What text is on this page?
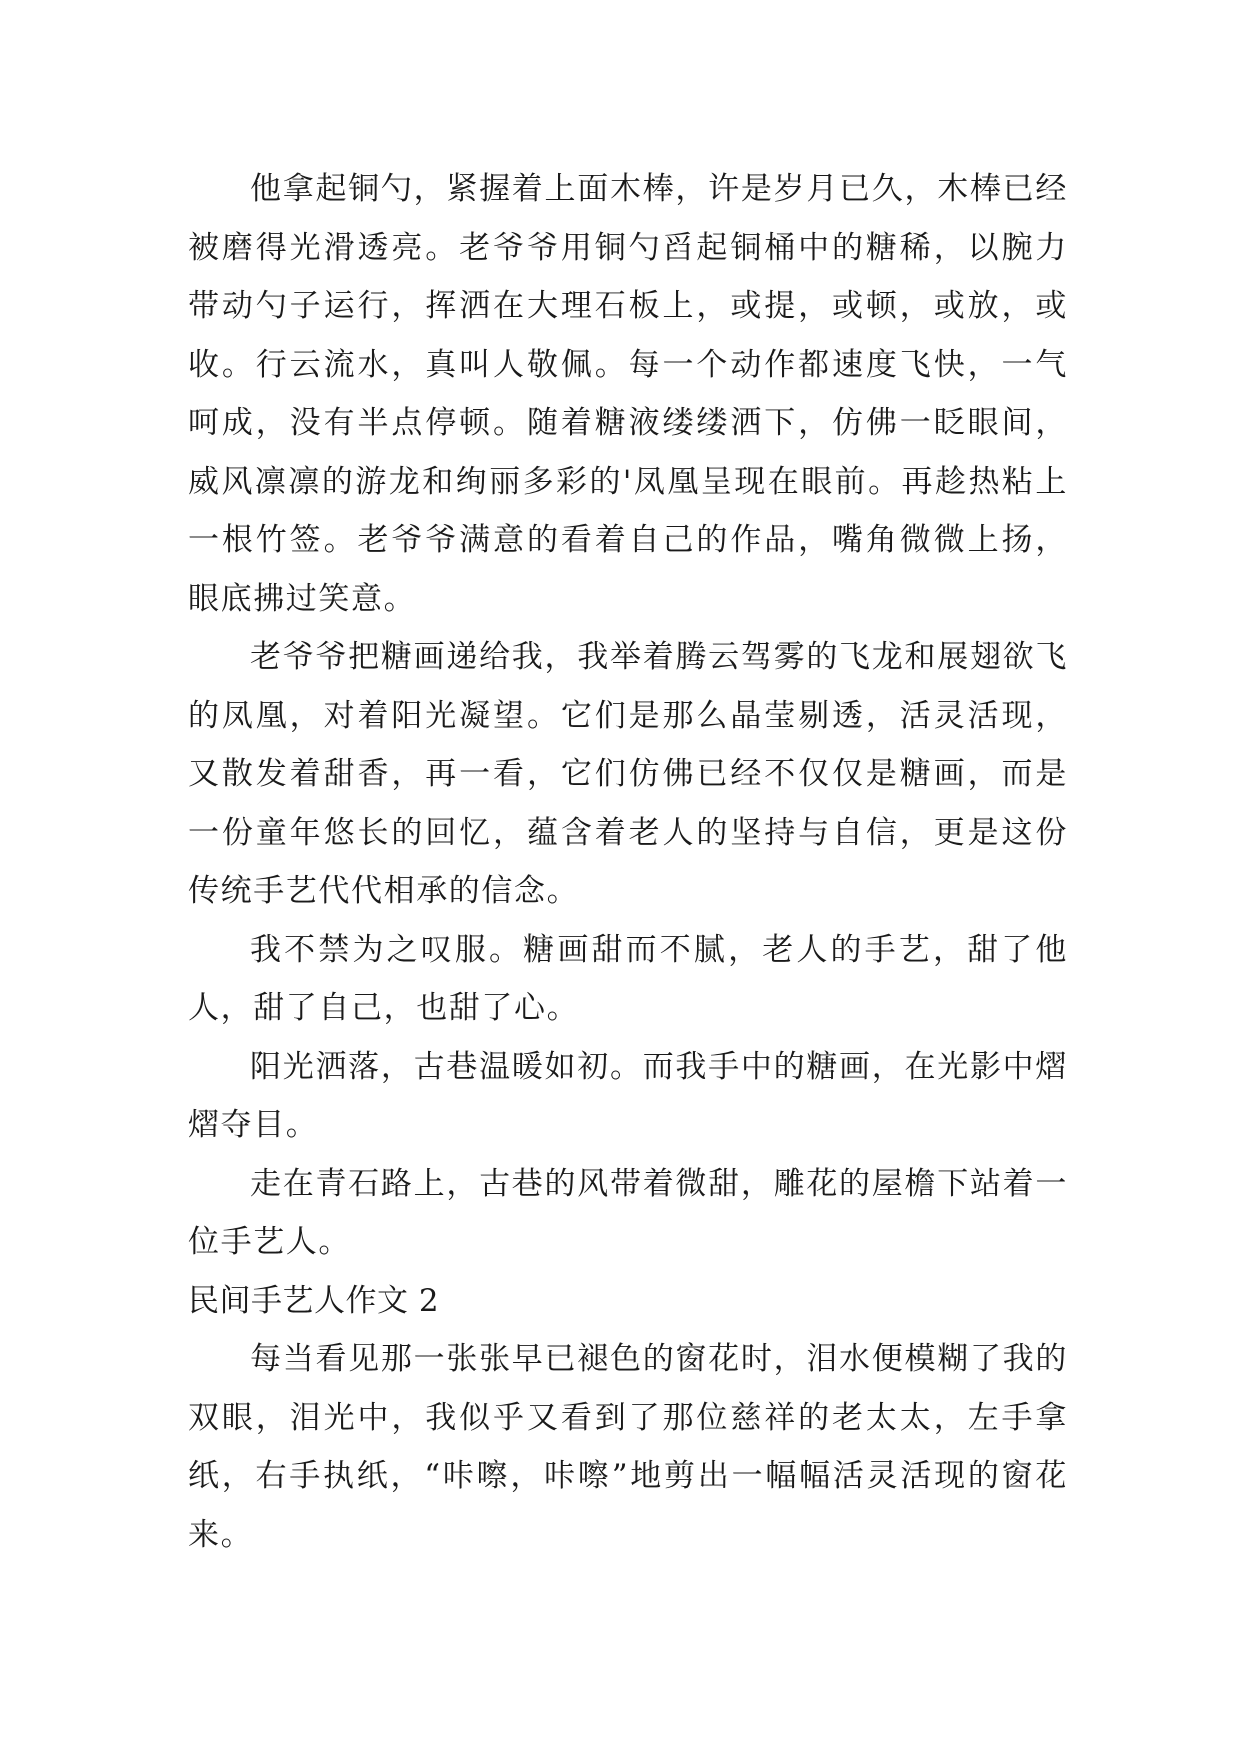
他拿起铜勺，紧握着上面木棒，许是岁月已久，木棒已经被磨得光滑透亮。老爷爷用铜勺舀起铜桶中的糖稀，以腕力带动勺子运行，挥洒在大理石板上，或提，或顿，或放，或收。行云流水，真叫人敬佩。每一个动作都速度飞快，一气呵成，没有半点停顿。随着糖液缕缕洒下，仿佛一眨眼间，威风凛凛的游龙和绚丽多彩的'凤凰呈现在眼前。再趁热粘上一根竹签。老爷爷满意的看着自己的作品，嘴角微微上扬，眼底拂过笑意。

老爷爷把糖画递给我，我举着腾云驾雾的飞龙和展翅欲飞的凤凰，对着阳光凝望。它们是那么晶莹剔透，活灵活现，又散发着甜香，再一看，它们仿佛已经不仅仅是糖画，而是一份童年悠长的回忆，蕴含着老人的坚持与自信，更是这份传统手艺代代相承的信念。

我不禁为之叹服。糖画甜而不腻，老人的手艺，甜了他人，甜了自己，也甜了心。

阳光洒落，古巷温暖如初。而我手中的糖画，在光影中熠熠夺目。

走在青石路上，古巷的风带着微甜，雕花的屋檐下站着一位手艺人。

民间手艺人作文 2

每当看见那一张张早已褪色的窗花时，泪水便模糊了我的双眼，泪光中，我似乎又看到了那位慈祥的老太太，左手拿纸，右手执纸，“咔嚓，咔嚓”地剪出一幅幅活灵活现的窗花来。
